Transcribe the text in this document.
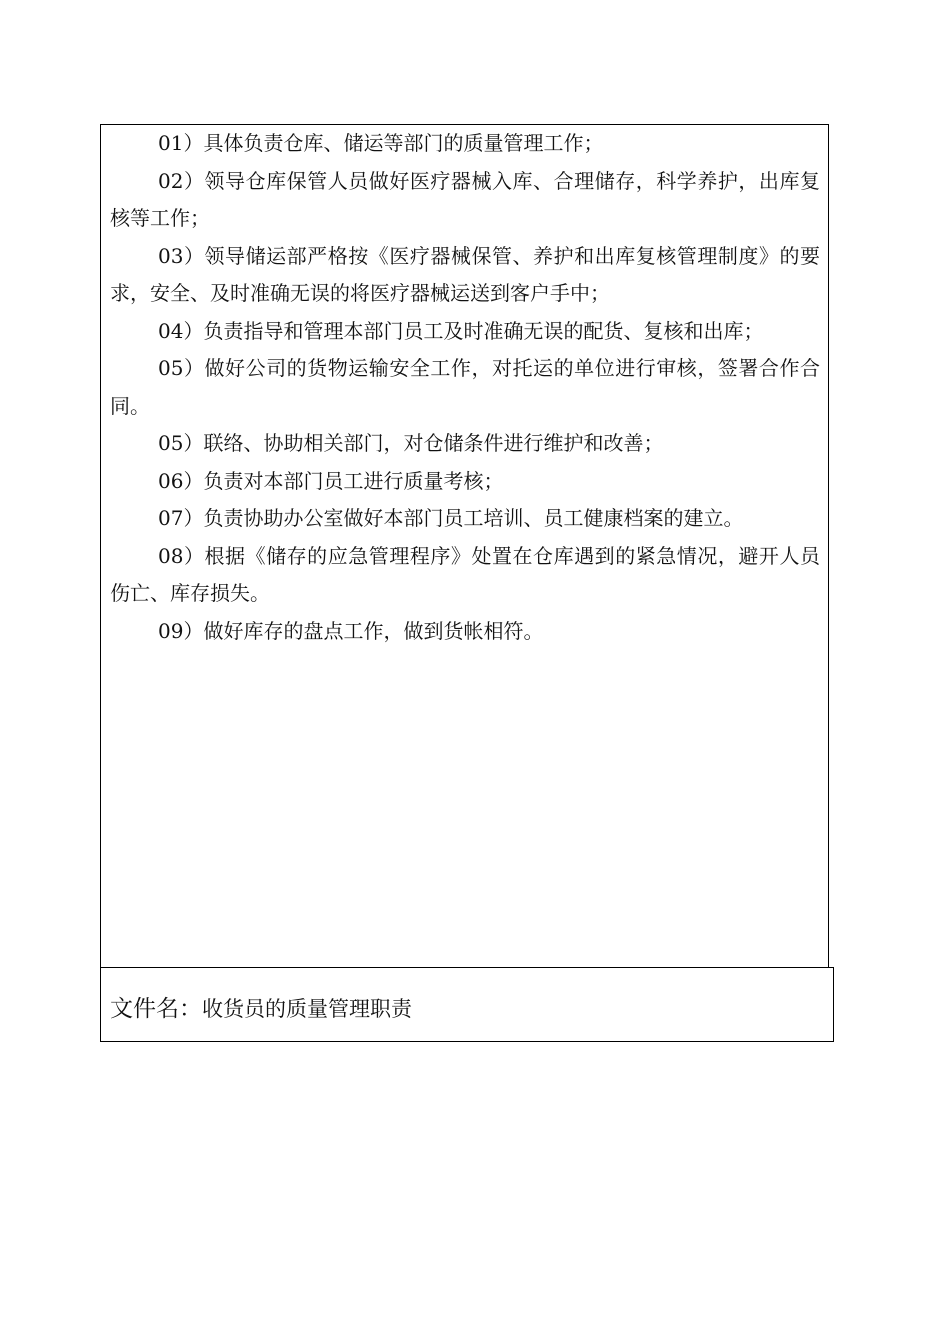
01）具体负责仓库、储运等部门的质量管理工作；

02）领导仓库保管人员做好医疗器械入库、合理储存，科学养护，出库复核等工作；

03）领导储运部严格按《医疗器械保管、养护和出库复核管理制度》的要求，安全、及时准确无误的将医疗器械运送到客户手中；

04）负责指导和管理本部门员工及时准确无误的配货、复核和出库；

05）做好公司的货物运输安全工作，对托运的单位进行审核，签署合作合同。

05）联络、协助相关部门，对仓储条件进行维护和改善；

06）负责对本部门员工进行质量考核；

07）负责协助办公室做好本部门员工培训、员工健康档案的建立。

08）根据《储存的应急管理程序》处置在仓库遇到的紧急情况，避开人员伤亡、库存损失。

09）做好库存的盘点工作，做到货帐相符。

文件名：收货员的质量管理职责
